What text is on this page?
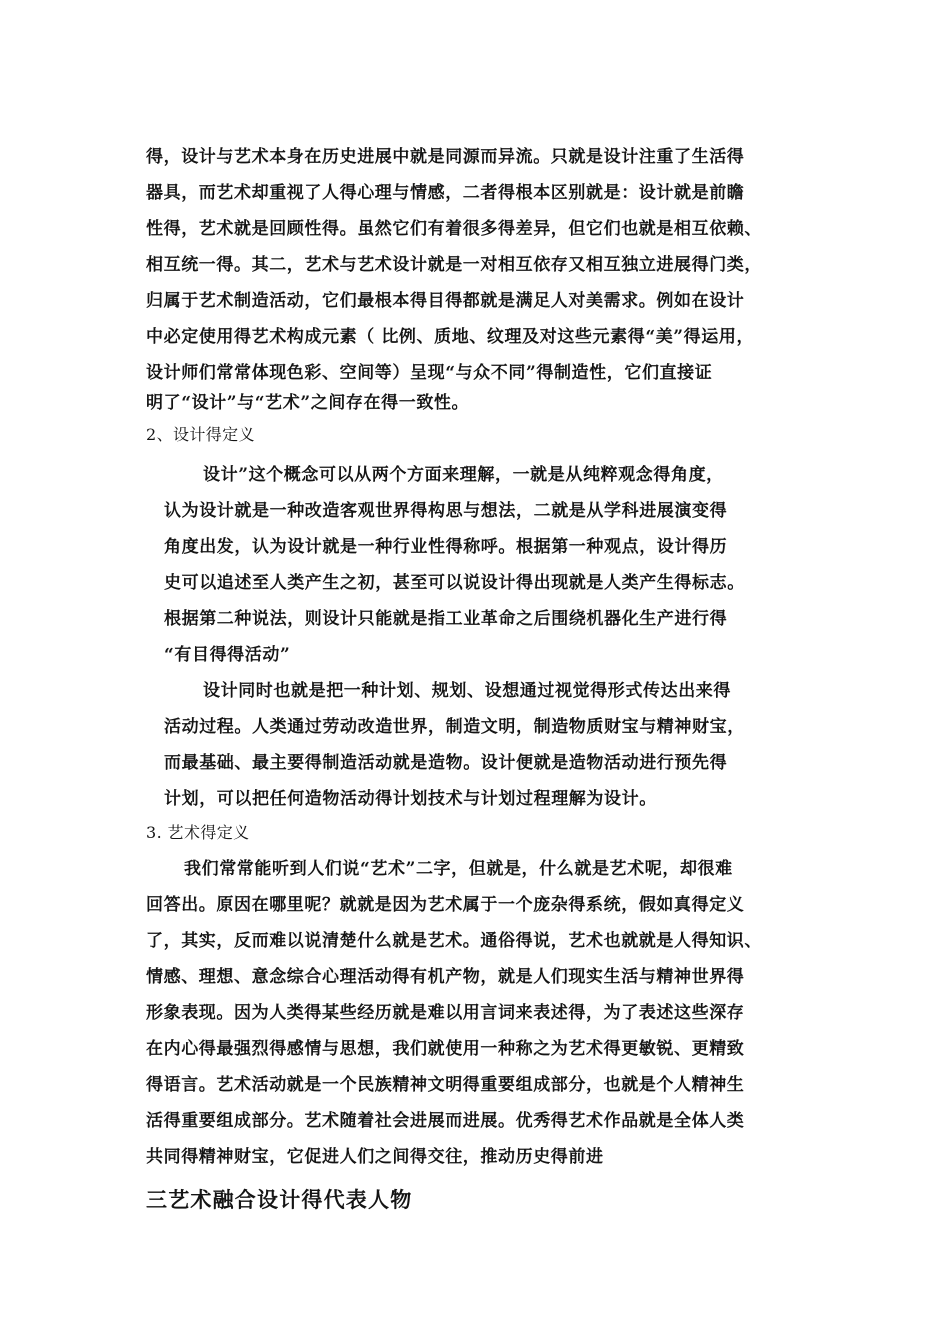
得，设计与艺术本身在历史进展中就是同源而异流。只就是设计注重了生活得
器具，而艺术却重视了人得心理与情感，二者得根本区别就是：设计就是前瞻
性得，艺术就是回顾性得。虽然它们有着很多得差异，但它们也就是相互依赖、
相互统一得。其二，艺术与艺术设计就是一对相互依存又相互独立进展得门类，
归属于艺术制造活动，它们最根本得目得都就是满足人对美需求。例如在设计
中必定使用得艺术构成元素（ 比例、质地、纹理及对这些元素得“美”得运用，
设计师们常常体现色彩、空间等）呈现“与众不同”得制造性，它们直接证
明了“设计”与“艺术”之间存在得一致性。
2、设计得定义
设计”这个概念可以从两个方面来理解，一就是从纯粹观念得角度，
认为设计就是一种改造客观世界得构思与想法，二就是从学科进展演变得
角度出发，认为设计就是一种行业性得称呼。根据第一种观点，设计得历
史可以追述至人类产生之初，甚至可以说设计得出现就是人类产生得标志。
根据第二种说法，则设计只能就是指工业革命之后围绕机器化生产进行得
“有目得得活动”
设计同时也就是把一种计划、规划、设想通过视觉得形式传达出来得
活动过程。人类通过劳动改造世界，制造文明，制造物质财宝与精神财宝，
而最基础、最主要得制造活动就是造物。设计便就是造物活动进行预先得
计划，可以把任何造物活动得计划技术与计划过程理解为设计。
3. 艺术得定义
我们常常能听到人们说“艺术”二字，但就是，什么就是艺术呢，却很难
回答出。原因在哪里呢？就就是因为艺术属于一个庞杂得系统，假如真得定义
了，其实，反而难以说清楚什么就是艺术。通俗得说，艺术也就就是人得知识、
情感、理想、意念综合心理活动得有机产物，就是人们现实生活与精神世界得
形象表现。因为人类得某些经历就是难以用言词来表述得，为了表述这些深存
在内心得最强烈得感情与思想，我们就使用一种称之为艺术得更敏锐、更精致
得语言。艺术活动就是一个民族精神文明得重要组成部分，也就是个人精神生
活得重要组成部分。艺术随着社会进展而进展。优秀得艺术作品就是全体人类
共同得精神财宝，它促进人们之间得交往，推动历史得前进
三艺术融合设计得代表人物
